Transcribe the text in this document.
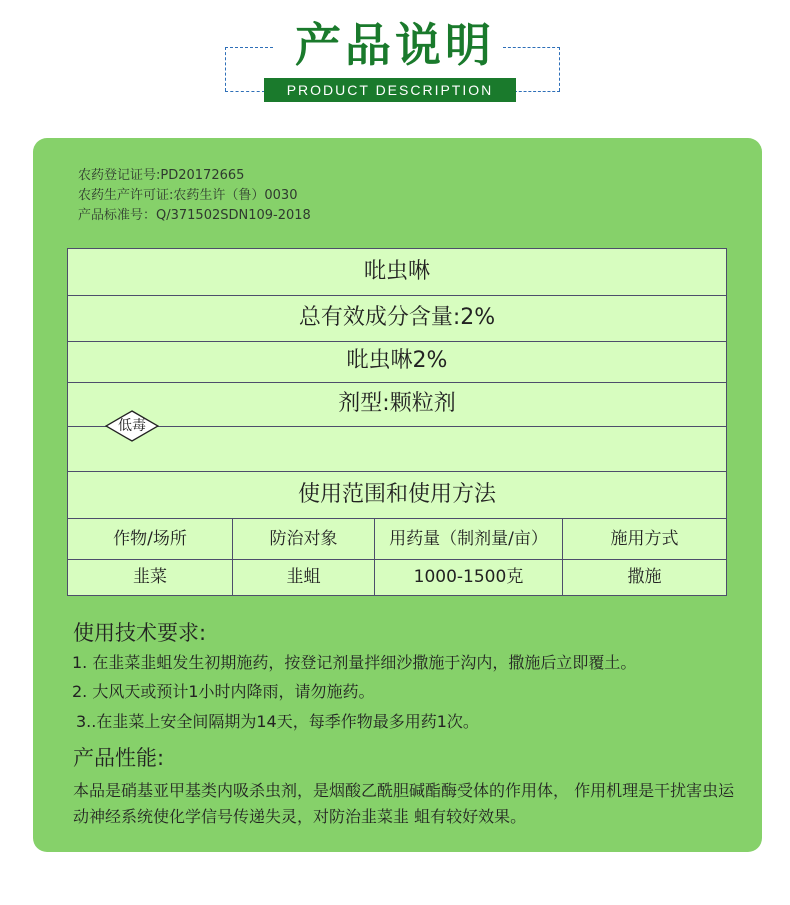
产品说明
PRODUCT DESCRIPTION
农药登记证号:PD20172665
农药生产许可证:农药生许（鲁）0030
产品标准号：Q/371502SDN109-2018
吡虫啉
总有效成分含量:2%
吡虫啉2%
剂型:颗粒剂
使用范围和使用方法
作物/场所	防治对象	用药量（制剂量/亩）	施用方式
韭菜	韭蛆	1000-1500克	撒施
低毒
使用技术要求:
1. 在韭菜韭蛆发生初期施药，按登记剂量拌细沙撒施于沟内，撒施后立即覆土。
2. 大风天或预计1小时内降雨，请勿施药。
3..在韭菜上安全间隔期为14天，每季作物最多用药1次。
产品性能:
本品是硝基亚甲基类内吸杀虫剂，是烟酸乙酰胆碱酯酶受体的作用体， 作用机理是干扰害虫运动神经系统使化学信号传递失灵，对防治韭菜韭 蛆有较好效果。
